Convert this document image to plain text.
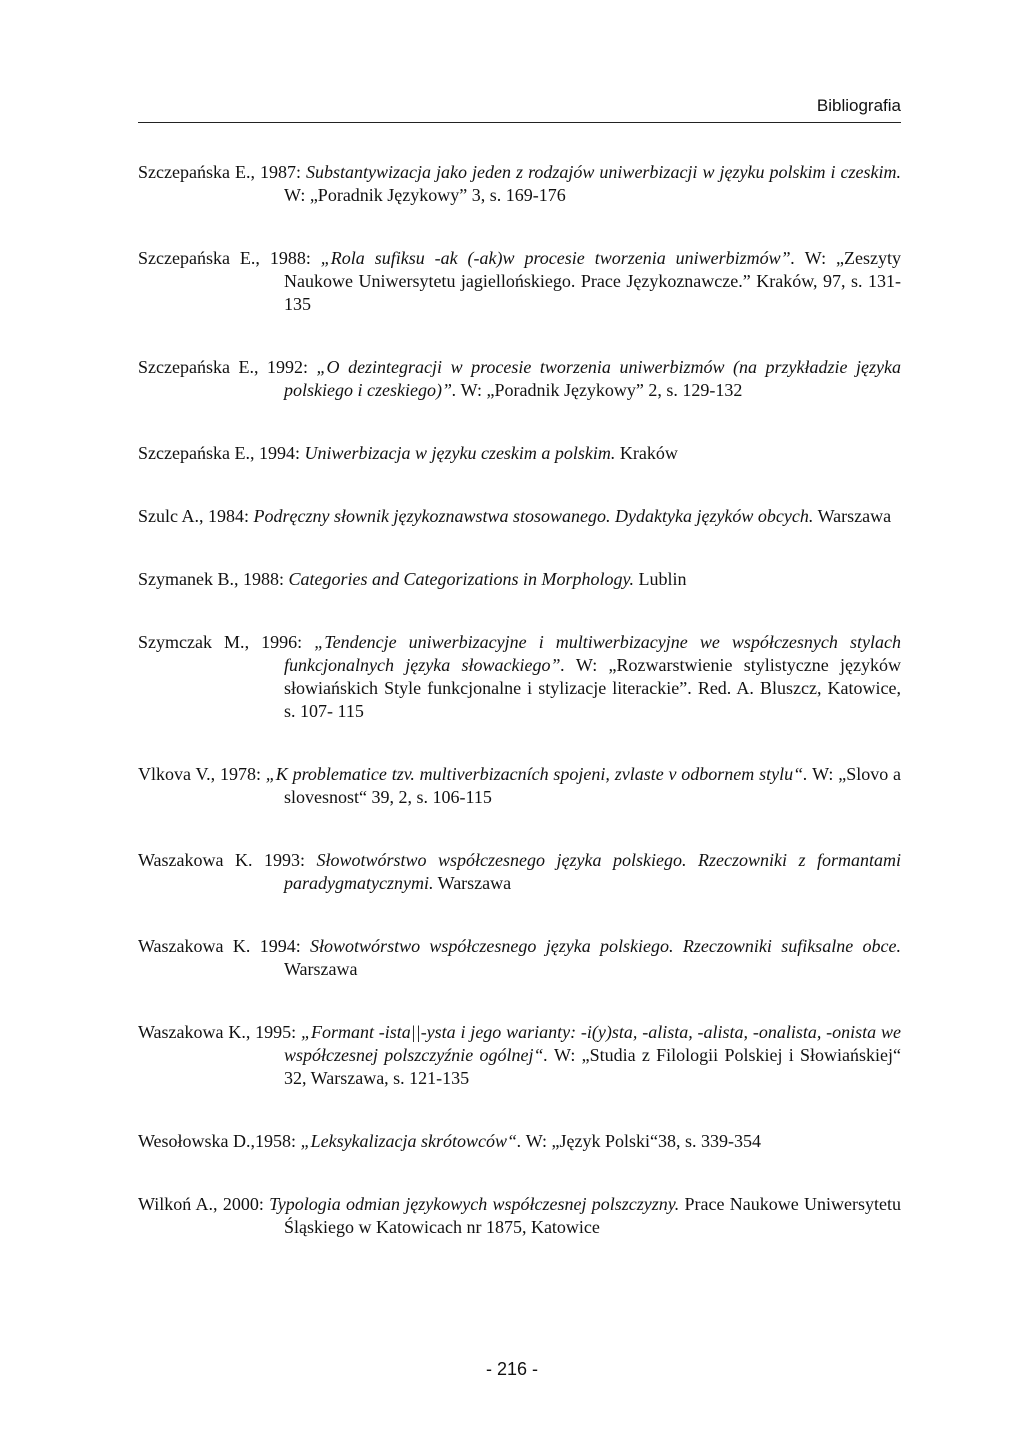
Bibliografia

Szczepańska E., 1987: Substantywizacja jako jeden z rodzajów uniwerbizacji w języku polskim i czeskim. W: „Poradnik Językowy” 3, s. 169-176

Szczepańska E., 1988: „Rola sufiksu -ak (-ak)w procesie tworzenia uniwerbizmów”. W: „Zeszyty Naukowe Uniwersytetu jagiellońskiego. Prace Językoznawcze.” Kraków, 97, s. 131-135

Szczepańska E., 1992: „O dezintegracji w procesie tworzenia uniwerbizmów (na przykładzie języka polskiego i czeskiego)”. W: „Poradnik Językowy” 2, s. 129-132

Szczepańska E., 1994: Uniwerbizacja w języku czeskim a polskim. Kraków

Szulc A., 1984: Podręczny słownik językoznawstwa stosowanego. Dydaktyka języków obcych. Warszawa

Szymanek B., 1988: Categories and Categorizations in Morphology. Lublin

Szymczak M., 1996: „Tendencje uniwerbizacyjne i multiwerbizacyjne we współczesnych stylach funkcjonalnych języka słowackiego”. W: „Rozwarstwienie stylistyczne języków słowiańskich Style funkcjonalne i stylizacje literackie”. Red. A. Bluszcz, Katowice, s. 107- 115

Vlkova V., 1978: „K problematice tzv. multiverbizacních spojeni, zvlaste v odbornem stylu“. W: „Slovo a slovesnost“ 39, 2, s. 106-115

Waszakowa K. 1993: Słowotwórstwo współczesnego języka polskiego. Rzeczowniki z formantami paradygmatycznymi. Warszawa

Waszakowa K. 1994: Słowotwórstwo współczesnego języka polskiego. Rzeczowniki sufiksalne obce. Warszawa

Waszakowa K., 1995: „Formant -ista||-ysta i jego warianty: -i(y)sta, -alista, -alista, -onalista, -onista we współczesnej polszczyźnie ogólnej“. W: „Studia z Filologii Polskiej i Słowiańskiej“ 32, Warszawa, s. 121-135

Wesołowska D.,1958: „Leksykalizacja skrótowców“. W: „Język Polski“38, s. 339-354

Wilkoń A., 2000: Typologia odmian językowych współczesnej polszczyzny. Prace Naukowe Uniwersytetu Śląskiego w Katowicach nr 1875, Katowice

- 216 -
